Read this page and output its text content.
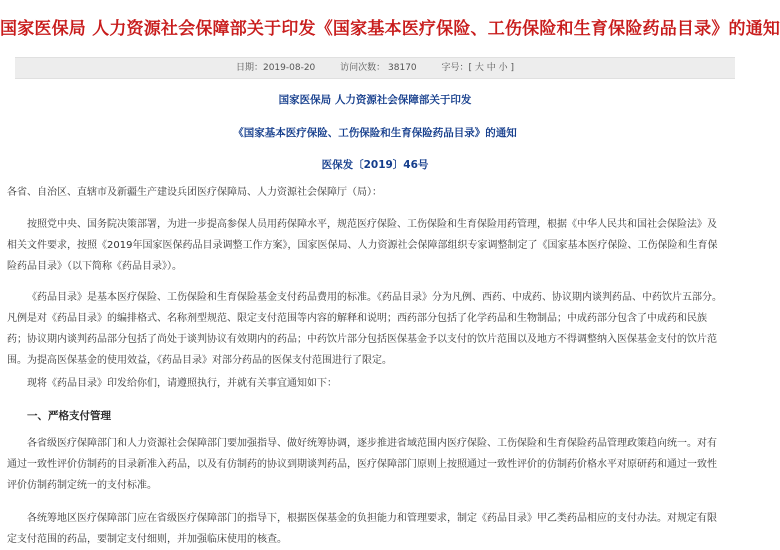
国家医保局 人力资源社会保障部关于印发《国家基本医疗保险、工伤保险和生育保险药品目录》的通知
日期：2019-08-20	访问次数： 38170	字号：[ 大 中 小 ]
国家医保局 人力资源社会保障部关于印发
《国家基本医疗保险、工伤保险和生育保险药品目录》的通知
医保发〔2019〕46号

各省、自治区、直辖市及新疆生产建设兵团医疗保障局、人力资源社会保障厅（局）：

按照党中央、国务院决策部署，为进一步提高参保人员用药保障水平，规范医疗保险、工伤保险和生育保险用药管理，根据《中华人民共和国社会保险法》及相关文件要求，按照《2019年国家医保药品目录调整工作方案》，国家医保局、人力资源社会保障部组织专家调整制定了《国家基本医疗保险、工伤保险和生育保险药品目录》（以下简称《药品目录》）。

《药品目录》是基本医疗保险、工伤保险和生育保险基金支付药品费用的标准。《药品目录》分为凡例、西药、中成药、协议期内谈判药品、中药饮片五部分。凡例是对《药品目录》的编排格式、名称剂型规范、限定支付范围等内容的解释和说明；西药部分包括了化学药品和生物制品；中成药部分包含了中成药和民族药；协议期内谈判药品部分包括了尚处于谈判协议有效期内的药品；中药饮片部分包括医保基金予以支付的饮片范围以及地方不得调整纳入医保基金支付的饮片范围。为提高医保基金的使用效益，《药品目录》对部分药品的医保支付范围进行了限定。

现将《药品目录》印发给你们，请遵照执行，并就有关事宜通知如下：

一、严格支付管理

各省级医疗保障部门和人力资源社会保障部门要加强指导、做好统筹协调，逐步推进省域范围内医疗保险、工伤保险和生育保险药品管理政策趋向统一。对有通过一致性评价仿制药的目录新准入药品，以及有仿制药的协议到期谈判药品，医疗保障部门原则上按照通过一致性评价的仿制药价格水平对原研药和通过一致性评价仿制药制定统一的支付标准。

各统筹地区医疗保障部门应在省级医疗保障部门的指导下，根据医保基金的负担能力和管理要求，制定《药品目录》甲乙类药品相应的支付办法。对规定有限定支付范围的药品，要制定支付细则，并加强临床使用的核查。
